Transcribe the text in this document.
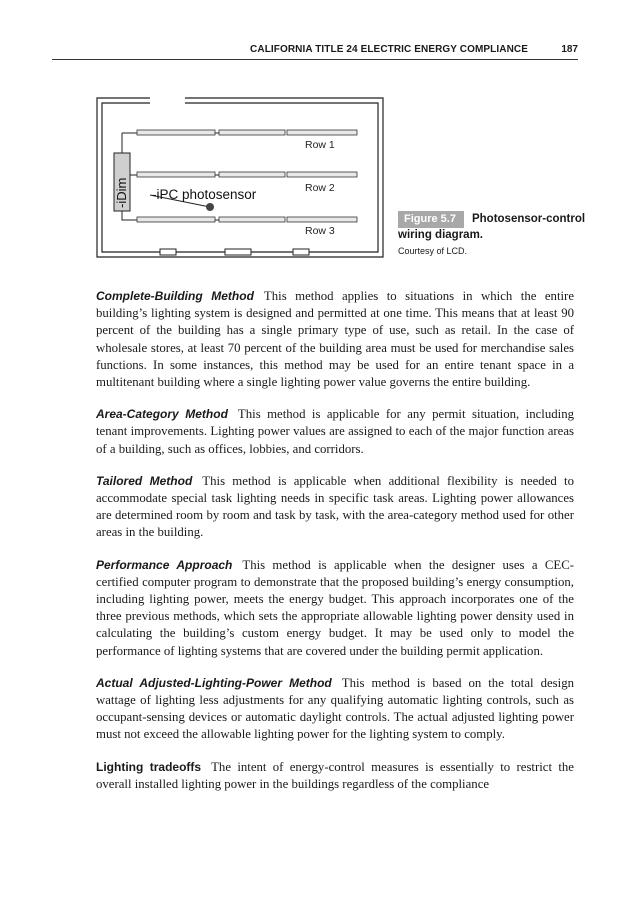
CALIFORNIA TITLE 24 ELECTRIC ENERGY COMPLIANCE	187
-iDim -iPC photosensor
Row 1
Row 2
Row 3
Figure 5.7 Photosensor-control wiring diagram.
Courtesy of LCD.

Complete-Building Method This method applies to situations in which the entire building’s lighting system is designed and permitted at one time. This means that at least 90 percent of the building has a single primary type of use, such as retail. In the case of wholesale stores, at least 70 percent of the building area must be used for merchandise sales functions. In some instances, this method may be used for an entire tenant space in a multitenant building where a single lighting power value governs the entire building.

Area-Category Method This method is applicable for any permit situation, including tenant improvements. Lighting power values are assigned to each of the major function areas of a building, such as offices, lobbies, and corridors.

Tailored Method This method is applicable when additional flexibility is needed to accommodate special task lighting needs in specific task areas. Lighting power allowances are determined room by room and task by task, with the area-category method used for other areas in the building.

Performance Approach This method is applicable when the designer uses a CEC-certified computer program to demonstrate that the proposed building’s energy consumption, including lighting power, meets the energy budget. This approach incorporates one of the three previous methods, which sets the appropriate allowable lighting power density used in calculating the building’s custom energy budget. It may be used only to model the performance of lighting systems that are covered under the building permit application.

Actual Adjusted-Lighting-Power Method This method is based on the total design wattage of lighting less adjustments for any qualifying automatic lighting controls, such as occupant-sensing devices or automatic daylight controls. The actual adjusted lighting power must not exceed the allowable lighting power for the lighting system to comply.

Lighting tradeoffs The intent of energy-control measures is essentially to restrict the overall installed lighting power in the buildings regardless of the compliance
